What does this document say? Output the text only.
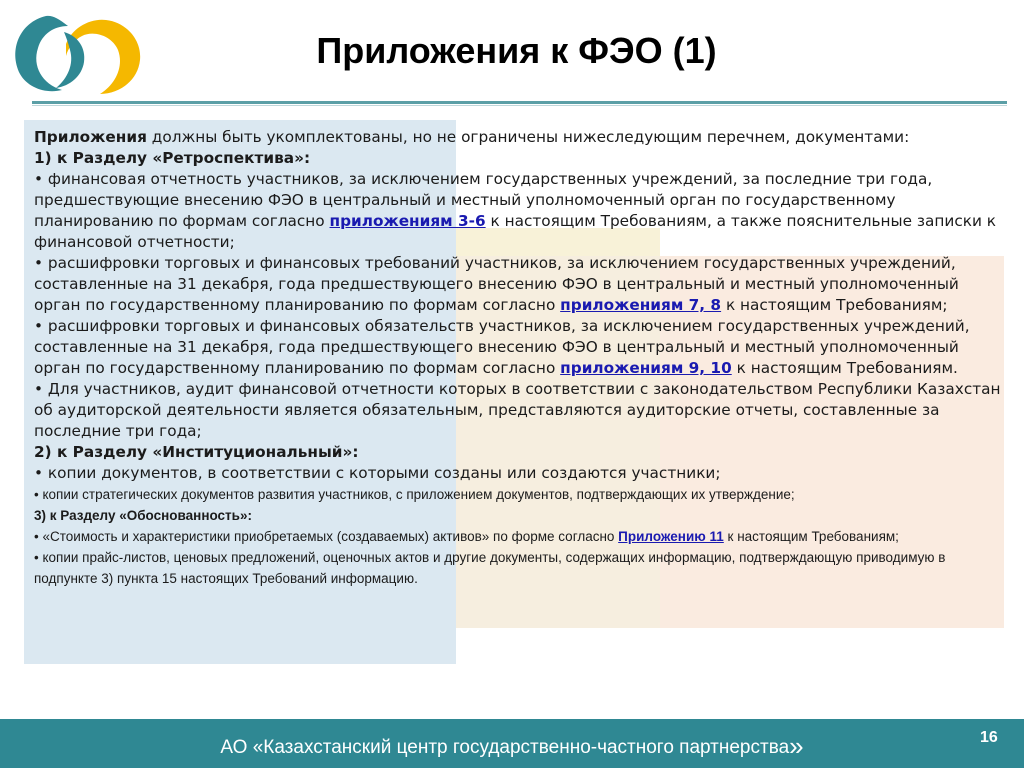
Приложения к ФЭО (1)

Приложения должны быть укомплектованы, но не ограничены нижеследующим перечнем, документами:

1) к Разделу «Ретроспектива»:

• финансовая отчетность участников, за исключением государственных учреждений, за последние три года, предшествующие внесению ФЭО в центральный и местный уполномоченный орган по государственному планированию по формам согласно приложениям 3-6 к настоящим Требованиям, а также пояснительные записки к финансовой отчетности;

• расшифровки торговых и финансовых требований участников, за исключением государственных учреждений, составленные на 31 декабря, года предшествующего внесению ФЭО в центральный и местный уполномоченный орган по государственному планированию по формам согласно приложениям 7, 8 к настоящим Требованиям;

• расшифровки торговых и финансовых обязательств участников, за исключением государственных учреждений, составленные на 31 декабря, года предшествующего внесению ФЭО в центральный и местный уполномоченный орган по государственному планированию по формам согласно приложениям 9, 10 к настоящим Требованиям.

• Для участников, аудит финансовой отчетности которых в соответствии с законодательством Республики Казахстан об аудиторской деятельности является обязательным, представляются аудиторские отчеты, составленные за последние три года;

2) к Разделу «Институциональный»:

• копии документов, в соответствии с которыми созданы или создаются участники;

• копии стратегических документов развития участников, с приложением документов, подтверждающих их утверждение;

3) к Разделу «Обоснованность»:

• «Стоимость и характеристики приобретаемых (создаваемых) активов» по форме согласно Приложению 11 к настоящим Требованиям;

• копии прайс-листов, ценовых предложений, оценочных актов и другие документы, содержащих информацию, подтверждающую приводимую в подпункте 3) пункта 15 настоящих Требований информацию.

АО «Казахстанский центр государственно-частного партнерства»	16
